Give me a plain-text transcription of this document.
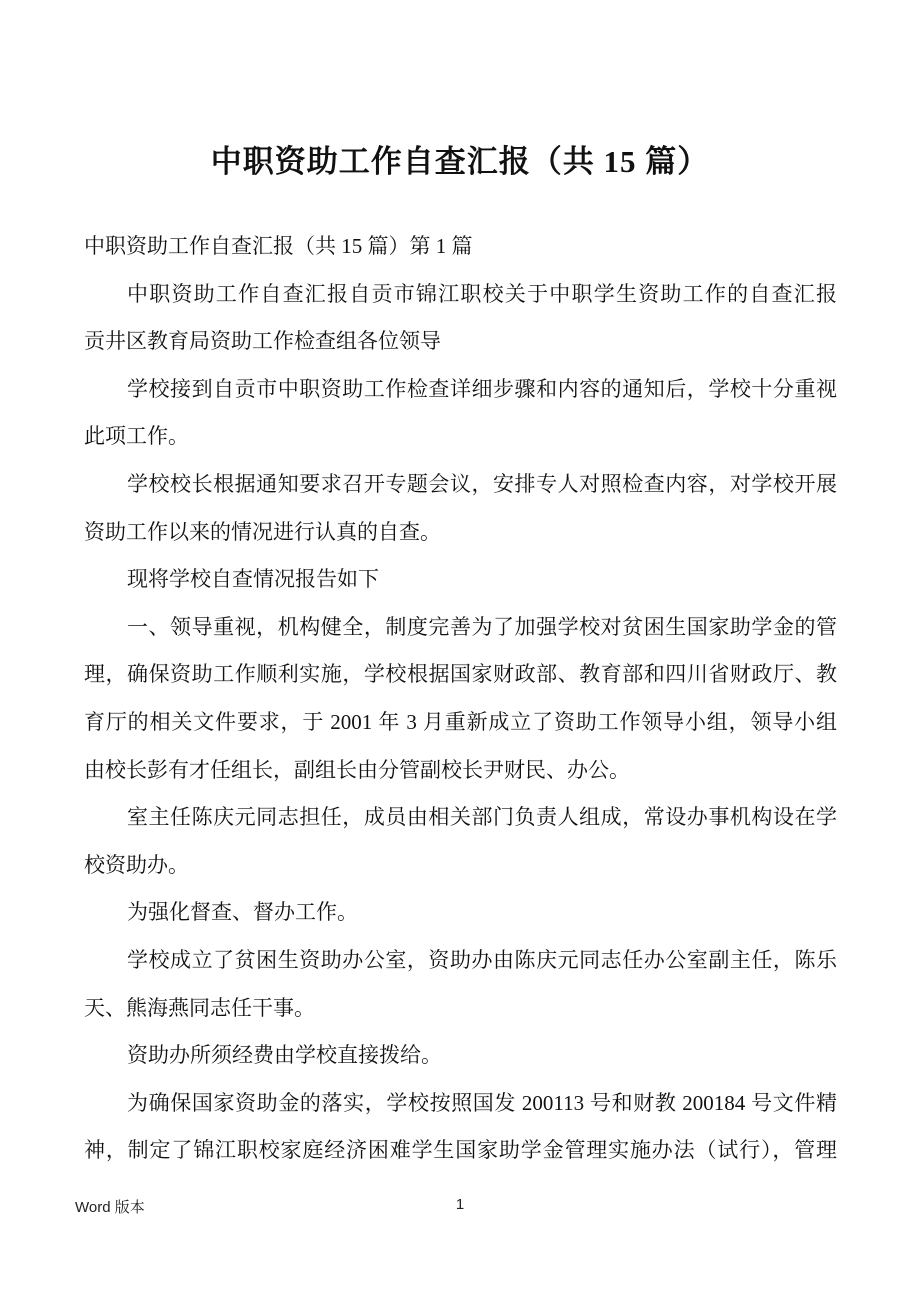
中职资助工作自查汇报（共 15 篇）
中职资助工作自查汇报（共 15 篇）第 1 篇
中职资助工作自查汇报自贡市锦江职校关于中职学生资助工作的自查汇报
贡井区教育局资助工作检查组各位领导
学校接到自贡市中职资助工作检查详细步骤和内容的通知后，学校十分重视
此项工作。
学校校长根据通知要求召开专题会议，安排专人对照检查内容，对学校开展
资助工作以来的情况进行认真的自查。
现将学校自查情况报告如下
一、领导重视，机构健全，制度完善为了加强学校对贫困生国家助学金的管
理，确保资助工作顺利实施，学校根据国家财政部、教育部和四川省财政厅、教
育厅的相关文件要求，于 2001 年 3 月重新成立了资助工作领导小组，领导小组
由校长彭有才任组长，副组长由分管副校长尹财民、办公。
室主任陈庆元同志担任，成员由相关部门负责人组成，常设办事机构设在学
校资助办。
为强化督查、督办工作。
学校成立了贫困生资助办公室，资助办由陈庆元同志任办公室副主任，陈乐
天、熊海燕同志任干事。
资助办所须经费由学校直接拨给。
为确保国家资助金的落实，学校按照国发 200113 号和财教 200184 号文件精
神，制定了锦江职校家庭经济困难学生国家助学金管理实施办法（试行），管理
Word 版本	1
